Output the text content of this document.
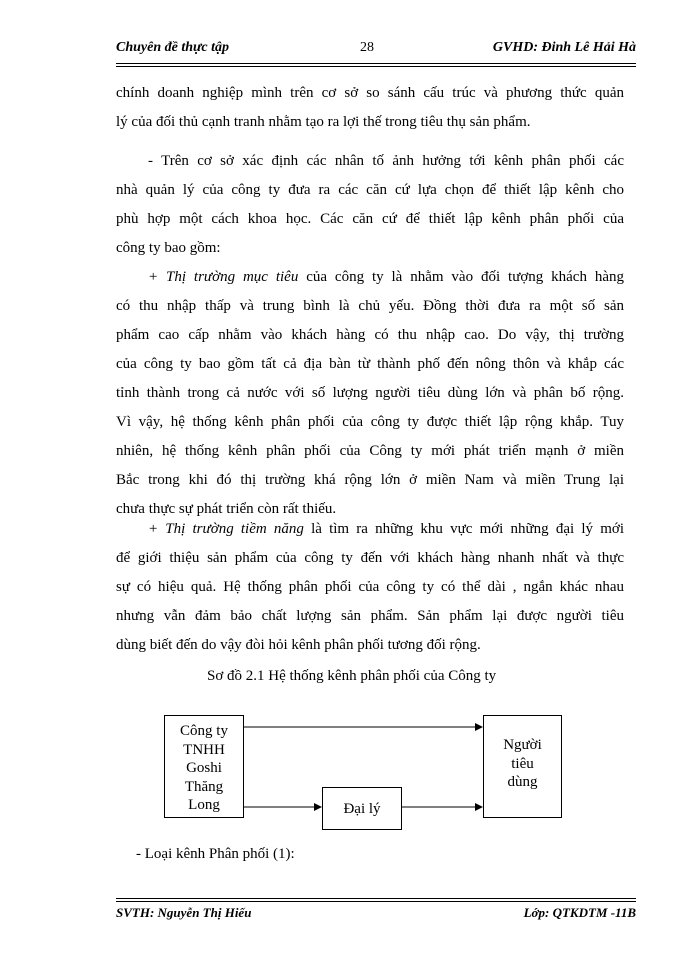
Chuyên đề thực tập	28	GVHD: Đinh Lê Hải Hà
chính doanh nghiệp mình trên cơ sở so sánh cấu trúc và phương thức quản
lý của đối thủ cạnh tranh nhằm tạo ra lợi thế trong tiêu thụ sản phẩm.
- Trên cơ sở xác định các nhân tố ảnh hưởng tới kênh phân phối các
nhà quản lý của công ty đưa ra các căn cứ lựa chọn để thiết lập kênh cho
phù hợp một cách khoa học. Các căn cứ để thiết lập kênh phân phối của
công ty bao gồm:
+ Thị trường mục tiêu của công ty là nhằm vào đối tượng khách hàng
có thu nhập thấp và trung bình là chủ yếu. Đồng thời đưa ra một số sản
phẩm cao cấp nhằm vào khách hàng có thu nhập cao. Do vậy, thị trường
của công ty bao gồm tất cả địa bàn từ thành phố đến nông thôn và khắp các
tỉnh thành trong cả nước với số lượng người tiêu dùng lớn và phân bố rộng.
Vì vậy, hệ thống kênh phân phối của công ty được thiết lập rộng khắp. Tuy
nhiên, hệ thống kênh phân phối của Công ty mới phát triển mạnh ở miền
Bắc trong khi đó thị trường khá rộng lớn ở miền Nam và miền Trung lại
chưa thực sự phát triển còn rất thiếu.
+ Thị trường tiềm năng là tìm ra những khu vực mới những đại lý mới
để giới thiệu sản phẩm của công ty đến với khách hàng nhanh nhất và thực
sự có hiệu quả. Hệ thống phân phối của công ty có thể dài , ngắn khác nhau
nhưng vẫn đảm bảo chất lượng sản phẩm. Sản phẩm lại được người tiêu
dùng biết đến do vậy đòi hỏi kênh phân phối tương đối rộng.
Sơ đồ 2.1 Hệ thống kênh phân phối của Công ty
Công ty
TNHH
Goshi
Thăng
Long
Người
tiêu
dùng
Đại lý
- Loại kênh Phân phối (1):
SVTH: Nguyễn Thị Hiếu	Lớp: QTKDTM -11B
